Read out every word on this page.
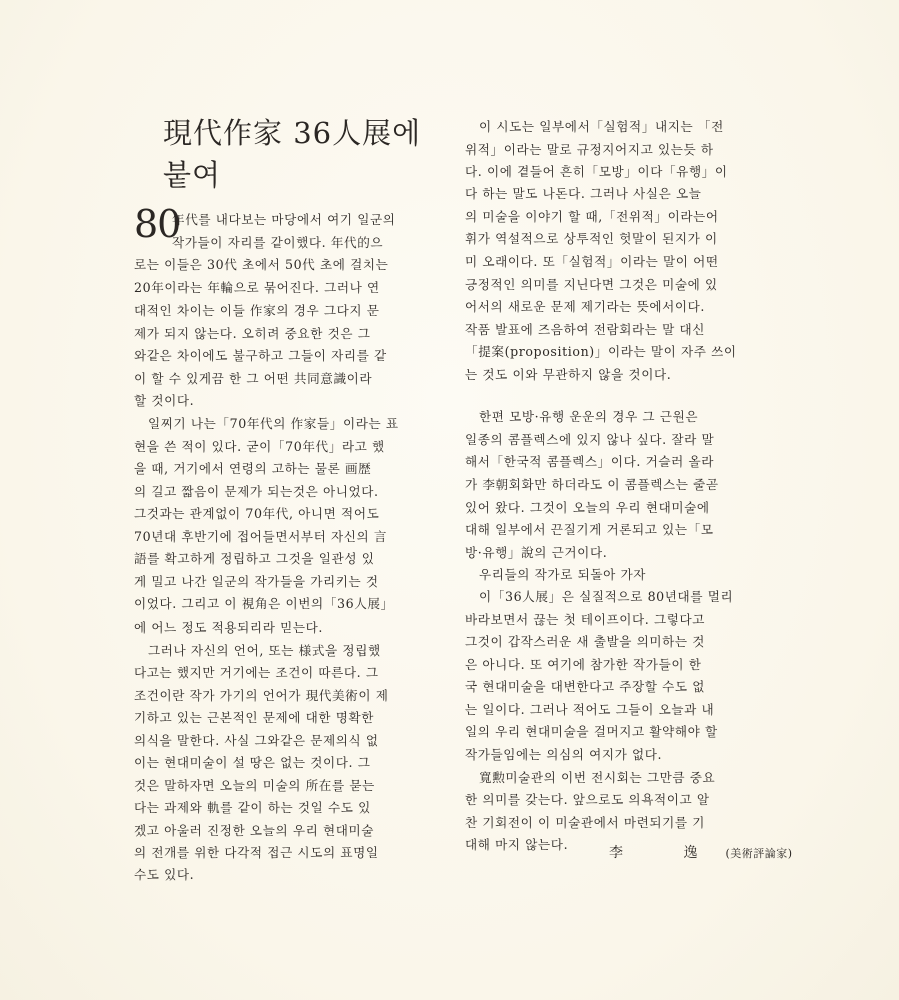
現代作家 36人展에
붙여
80
年代를 내다보는 마당에서 여기 일군의
작가들이 자리를 같이했다. 年代的으
로는 이들은 30代 초에서 50代 초에 걸치는
20年이라는 年輪으로 묶어진다. 그러나 연
대적인 차이는 이들 作家의 경우 그다지 문
제가 되지 않는다. 오히려 중요한 것은 그
와같은 차이에도 불구하고 그들이 자리를 같
이 할 수 있게끔 한 그 어떤 共同意識이라
할 것이다.
일찌기 나는「70年代의 作家들」이라는 표
현을 쓴 적이 있다. 굳이「70年代」라고 했
을 때, 거기에서 연령의 고하는 물론 画歴
의 길고 짧음이 문제가 되는것은 아니었다.
그것과는 관계없이 70年代, 아니면 적어도
70년대 후반기에 접어들면서부터 자신의 言
語를 확고하게 정립하고 그것을 일관성 있
게 밀고 나간 일군의 작가들을 가리키는 것
이었다. 그리고 이 視角은 이번의「36人展」
에 어느 정도 적용되리라 믿는다.
그러나 자신의 언어, 또는 様式을 정립했
다고는 했지만 거기에는 조건이 따른다. 그
조건이란 작가 가기의 언어가 現代美術이 제
기하고 있는 근본적인 문제에 대한 명확한
의식을 말한다. 사실 그와같은 문제의식 없
이는 현대미술이 설 땅은 없는 것이다. 그
것은 말하자면 오늘의 미술의 所在를 묻는
다는 과제와 軌를 같이 하는 것일 수도 있
겠고 아울러 진정한 오늘의 우리 현대미술
의 전개를 위한 다각적 접근 시도의 표명일
수도 있다.
이 시도는 일부에서「실험적」내지는 「전
위적」이라는 말로 규정지어지고 있는듯 하
다. 이에 곁들어 흔히「모방」이다「유행」이
다 하는 말도 나돈다. 그러나 사실은 오늘
의 미술을 이야기 할 때,「전위적」이라는어
휘가 역설적으로 상투적인 헛말이 된지가 이
미 오래이다. 또「실험적」이라는 말이 어떤
긍정적인 의미를 지닌다면 그것은 미술에 있
어서의 새로운 문제 제기라는 뜻에서이다.
작품 발표에 즈음하여 전람회라는 말 대신
「提案(proposition)」이라는 말이 자주 쓰이
는 것도 이와 무관하지 않을 것이다.
한편 모방·유행 운운의 경우 그 근원은
일종의 콤플렉스에 있지 않나 싶다. 잘라 말
해서「한국적 콤플렉스」이다. 거슬러 올라
가 李朝회화만 하더라도 이 콤플렉스는 줄곧
있어 왔다. 그것이 오늘의 우리 현대미술에
대해 일부에서 끈질기게 거론되고 있는「모
방·유행」說의 근거이다.
우리들의 작가로 되돌아 가자
이「36人展」은 실질적으로 80년대를 멀리
바라보면서 끊는 첫 테이프이다. 그렇다고
그것이 갑작스러운 새 출발을 의미하는 것
은 아니다. 또 여기에 참가한 작가들이 한
국 현대미술을 대변한다고 주장할 수도 없
는 일이다. 그러나 적어도 그들이 오늘과 내
일의 우리 현대미술을 걸머지고 활약해야 할
작가들임에는 의심의 여지가 없다.
寬勲미술관의 이번 전시회는 그만큼 중요
한 의미를 갖는다. 앞으로도 의욕적이고 알
찬 기회전이 이 미술관에서 마련되기를 기
대해 마지 않는다.
李 逸(美術評論家)
